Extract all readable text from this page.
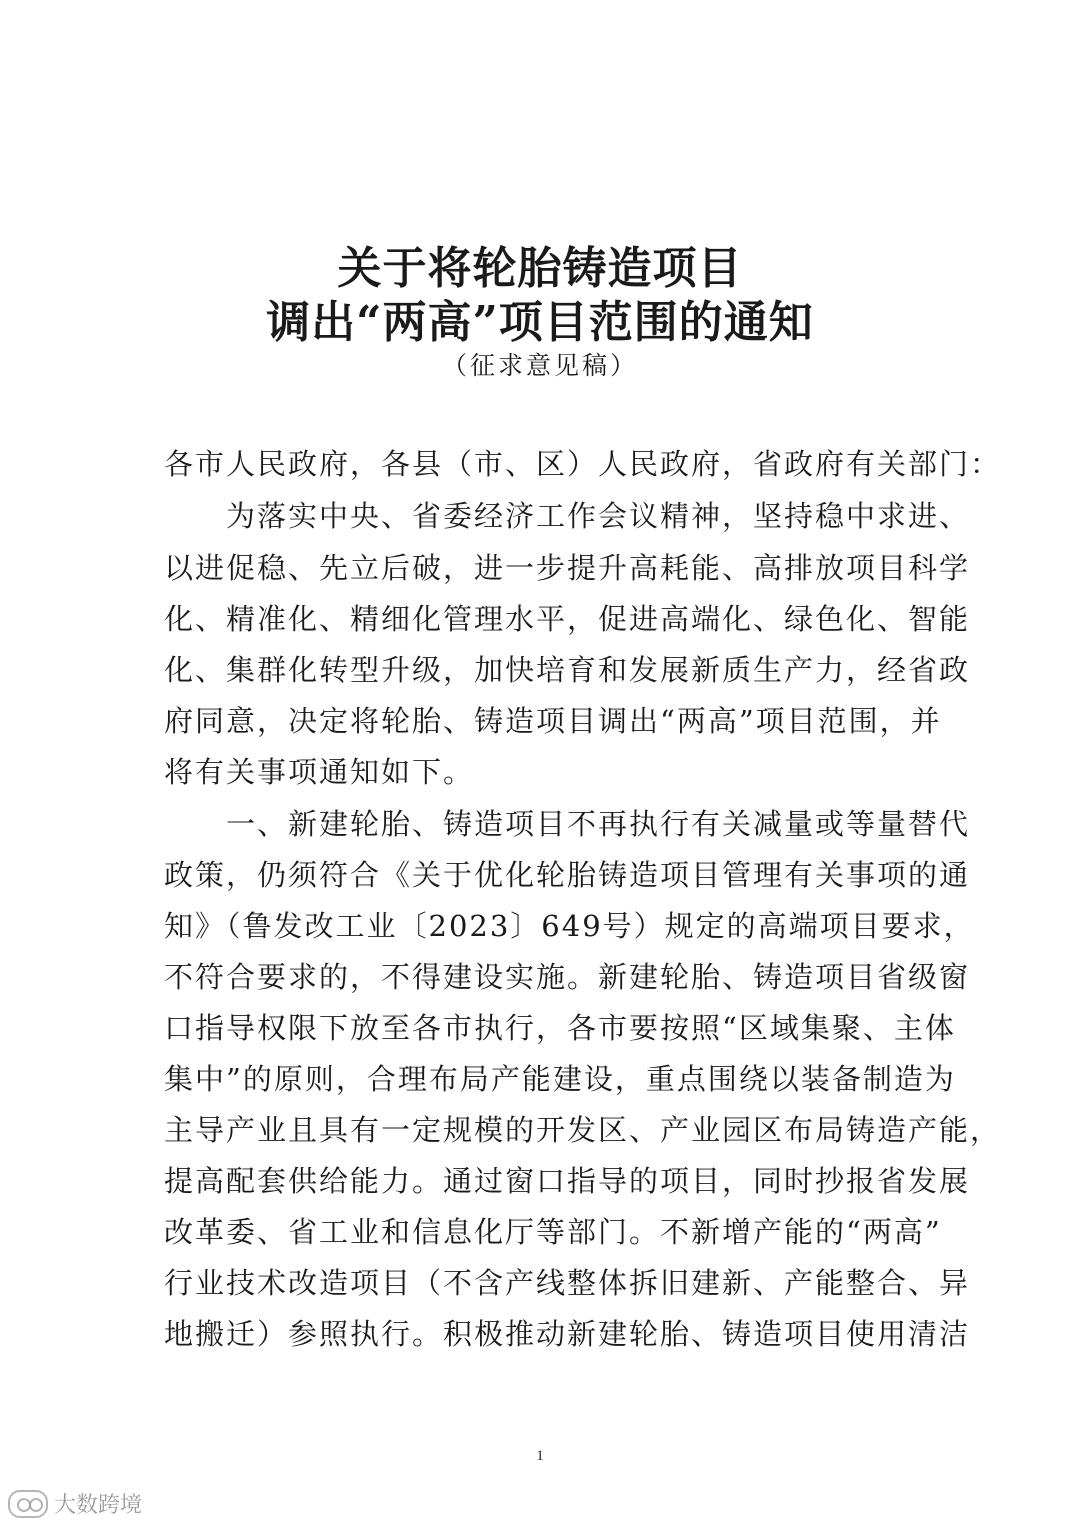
关于将轮胎铸造项目
调出“两高”项目范围的通知

（征求意见稿）

各市人民政府，各县（市、区）人民政府，省政府有关部门：

　　为落实中央、省委经济工作会议精神，坚持稳中求进、

以进促稳、先立后破，进一步提升高耗能、高排放项目科学

化、精准化、精细化管理水平，促进高端化、绿色化、智能

化、集群化转型升级，加快培育和发展新质生产力，经省政

府同意，决定将轮胎、铸造项目调出“两高”项目范围，并

将有关事项通知如下。

　　一、新建轮胎、铸造项目不再执行有关减量或等量替代

政策，仍须符合《关于优化轮胎铸造项目管理有关事项的通

知》（鲁发改工业〔2023〕649号）规定的高端项目要求，

不符合要求的，不得建设实施。新建轮胎、铸造项目省级窗

口指导权限下放至各市执行，各市要按照“区域集聚、主体

集中”的原则，合理布局产能建设，重点围绕以装备制造为

主导产业且具有一定规模的开发区、产业园区布局铸造产能，

提高配套供给能力。通过窗口指导的项目，同时抄报省发展

改革委、省工业和信息化厅等部门。不新增产能的“两高”

行业技术改造项目（不含产线整体拆旧建新、产能整合、异

地搬迁）参照执行。积极推动新建轮胎、铸造项目使用清洁

1

大数跨境
